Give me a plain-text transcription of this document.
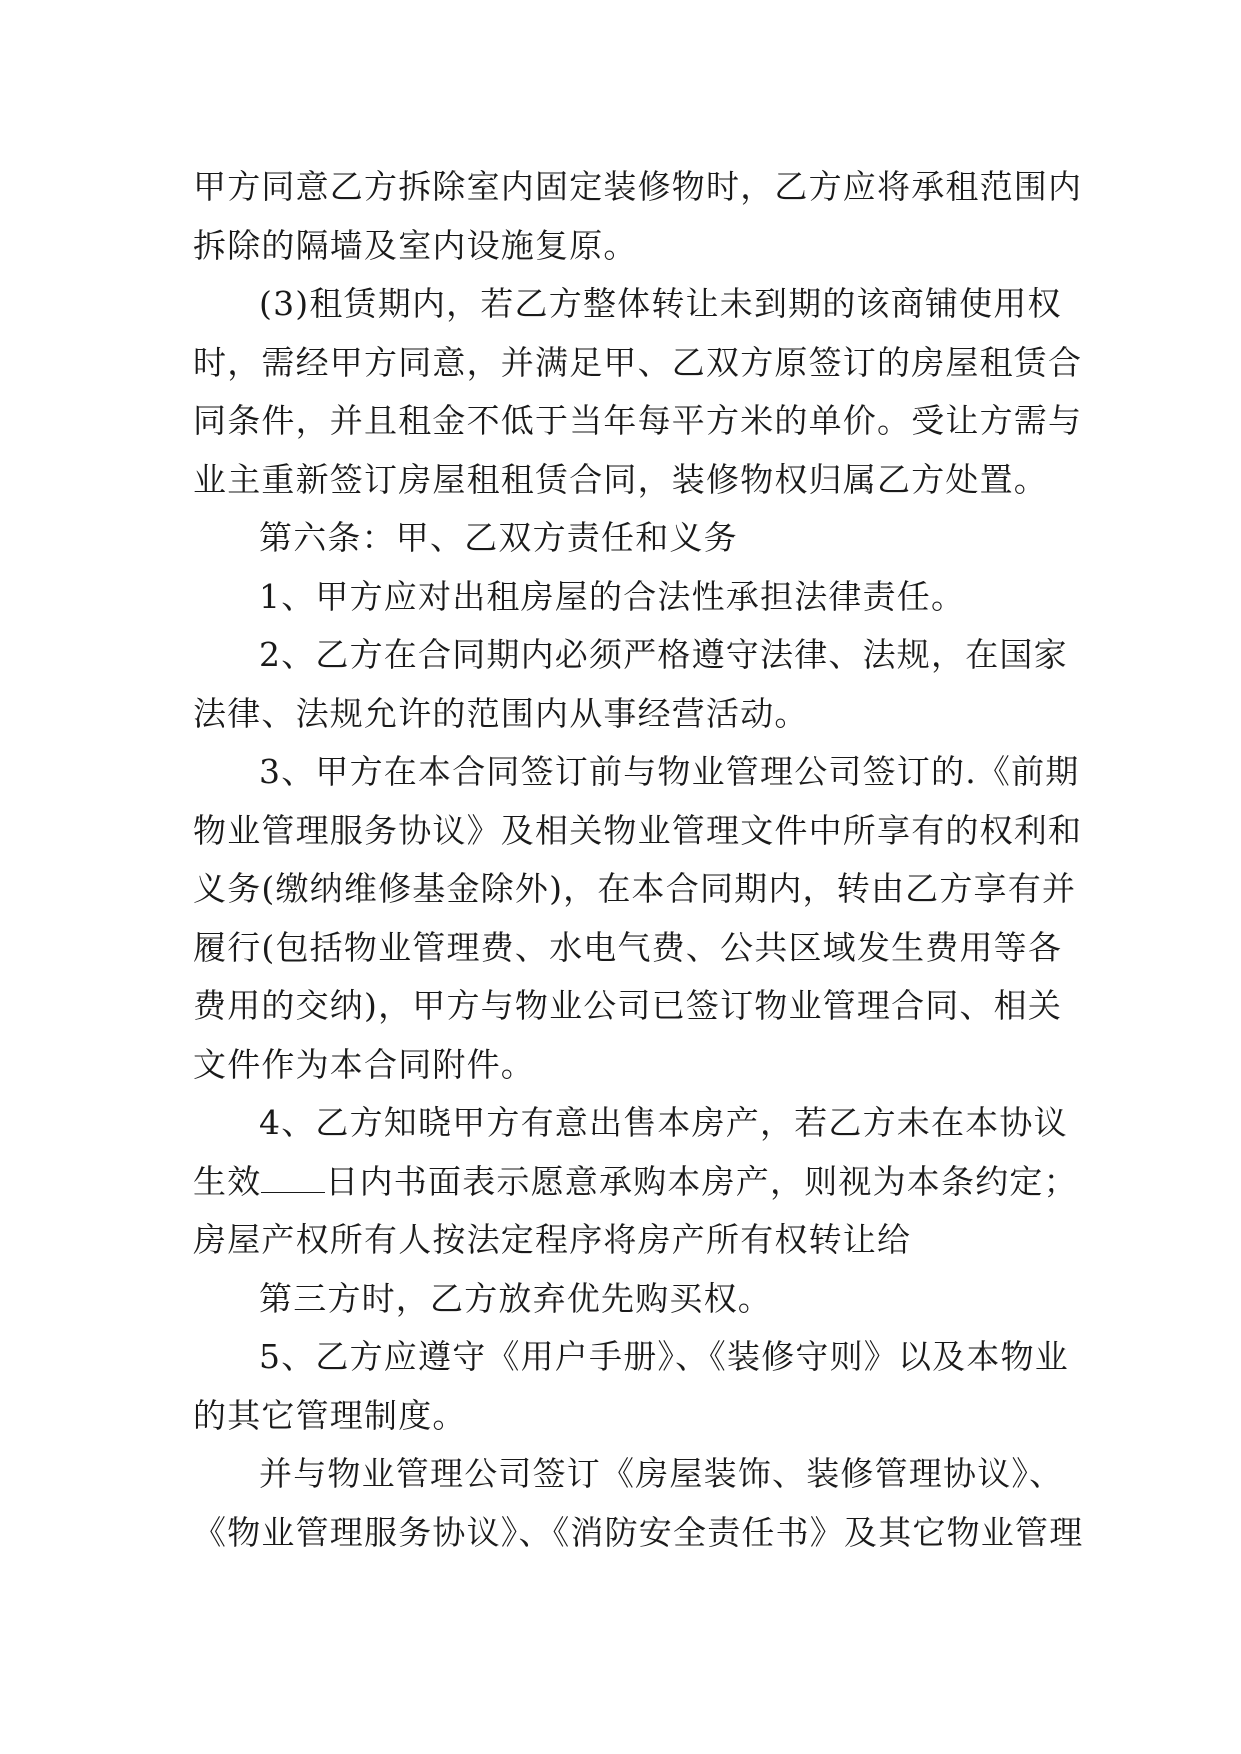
甲方同意乙方拆除室内固定装修物时，乙方应将承租范围内
拆除的隔墙及室内设施复原。

(3)租赁期内，若乙方整体转让未到期的该商铺使用权
时，需经甲方同意，并满足甲、乙双方原签订的房屋租赁合
同条件，并且租金不低于当年每平方米的单价。受让方需与
业主重新签订房屋租租赁合同，装修物权归属乙方处置。

第六条：甲、乙双方责任和义务

1、甲方应对出租房屋的合法性承担法律责任。

2、乙方在合同期内必须严格遵守法律、法规，在国家
法律、法规允许的范围内从事经营活动。

3、甲方在本合同签订前与物业管理公司签订的.《前期
物业管理服务协议》及相关物业管理文件中所享有的权利和
义务(缴纳维修基金除外)，在本合同期内，转由乙方享有并
履行(包括物业管理费、水电气费、公共区域发生费用等各
费用的交纳)，甲方与物业公司已签订物业管理合同、相关
文件作为本合同附件。

4、乙方知晓甲方有意出售本房产，若乙方未在本协议
生效 日内书面表示愿意承购本房产，则视为本条约定；
房屋产权所有人按法定程序将房产所有权转让给

第三方时，乙方放弃优先购买权。

5、乙方应遵守《用户手册》、《装修守则》以及本物业
的其它管理制度。

并与物业管理公司签订《房屋装饰、装修管理协议》、
《物业管理服务协议》、《消防安全责任书》及其它物业管理
